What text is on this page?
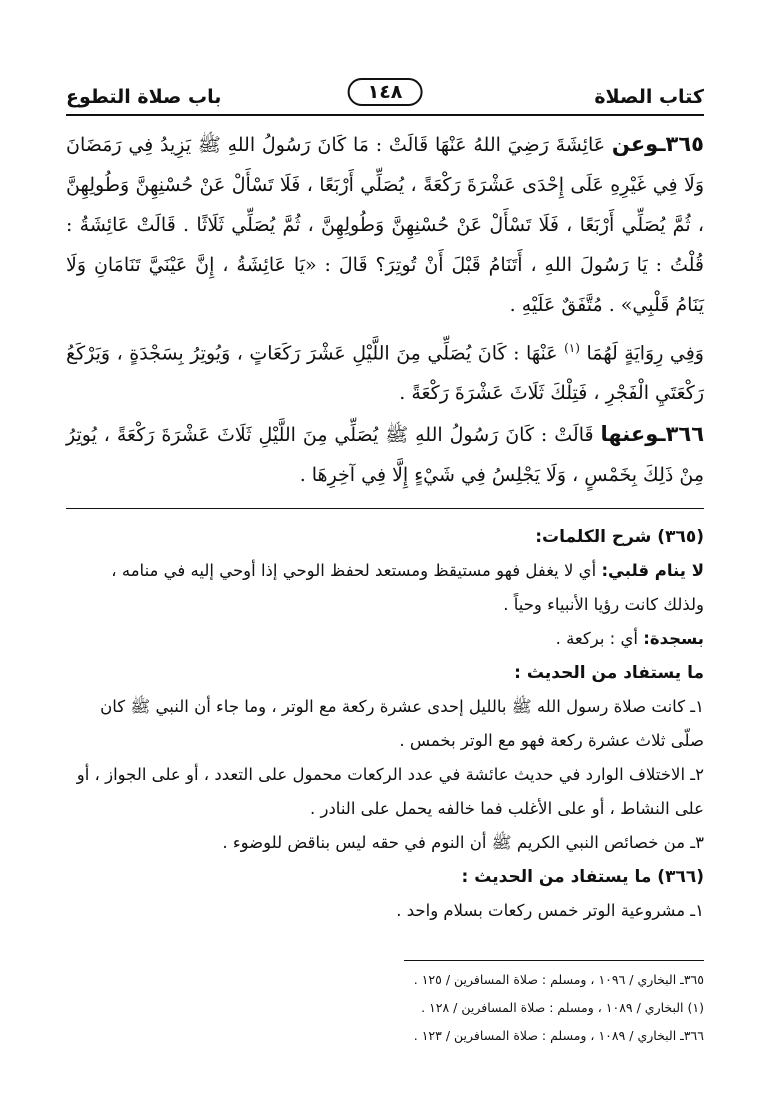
كتاب الصلاة
١٤٨
باب صلاة التطوع
٣٦٥ـوعن عَائِشَةَ رَضِيَ اللهُ عَنْهَا قَالَتْ : مَا كَانَ رَسُولُ اللهِ ﷺ يَزِيدُ فِي رَمَضَانَ وَلَا فِي غَيْرِهِ عَلَى إِحْدَى عَشْرَةَ رَكْعَةً ، يُصَلِّي أَرْبَعًا ، فَلَا تَسْأَلْ عَنْ حُسْنِهِنَّ وَطُولِهِنَّ ، ثُمَّ يُصَلِّي أَرْبَعًا ، فَلَا تَسْأَلْ عَنْ حُسْنِهِنَّ وَطُولِهِنَّ ، ثُمَّ يُصَلِّي ثَلَاثًا . قَالَتْ عَائِشَةُ : قُلْتُ : يَا رَسُولَ اللهِ ، أَتَنَامُ قَبْلَ أَنْ تُوتِرَ؟ قَالَ : «يَا عَائِشَةُ ، إِنَّ عَيْنَيَّ تَنَامَانِ وَلَا يَنَامُ قَلْبِي» . مُتَّفَقٌ عَلَيْهِ .
وَفِي رِوَايَةٍ لَهُمَا $^{(١)}$ عَنْهَا : كَانَ يُصَلِّي مِنَ اللَّيْلِ عَشْرَ رَكَعَاتٍ ، وَيُوتِرُ بِسَجْدَةٍ ، وَيَرْكَعُ رَكْعَتَيِ الْفَجْرِ ، فَتِلْكَ ثَلَاثَ عَشْرَةَ رَكْعَةً .
٣٦٦ـوعنها قَالَتْ : كَانَ رَسُولُ اللهِ ﷺ يُصَلِّي مِنَ اللَّيْلِ ثَلَاثَ عَشْرَةَ رَكْعَةً ، يُوتِرُ مِنْ ذَلِكَ بِخَمْسٍ ، وَلَا يَجْلِسُ فِي شَيْءٍ إِلَّا فِي آخِرِهَا .

(٣٦٥) شرح الكلمات:

لا ينام قلبي: أي لا يغفل فهو مستيقظ ومستعد لحفظ الوحي إذا أوحي إليه في منامه ، ولذلك كانت رؤيا الأنبياء وحياً .

بسجدة: أي : بركعة .

ما يستفاد من الحديث :

١ـ كانت صلاة رسول الله ﷺ بالليل إحدى عشرة ركعة مع الوتر ، وما جاء أن النبي ﷺ كان صلّى ثلاث عشرة ركعة فهو مع الوتر بخمس .

٢ـ الاختلاف الوارد في حديث عائشة في عدد الركعات محمول على التعدد ، أو على الجواز ، أو على النشاط ، أو على الأغلب فما خالفه يحمل على النادر .

٣ـ من خصائص النبي الكريم ﷺ أن النوم في حقه ليس بناقض للوضوء .

(٣٦٦) ما يستفاد من الحديث :

١ـ مشروعية الوتر خمس ركعات بسلام واحد .

٣٦٥ـ البخاري / ١٠٩٦ ، ومسلم : صلاة المسافرين / ١٢٥ .

(١) البخاري / ١٠٨٩ ، ومسلم : صلاة المسافرين / ١٢٨ .

٣٦٦ـ البخاري / ١٠٨٩ ، ومسلم : صلاة المسافرين / ١٢٣ .
